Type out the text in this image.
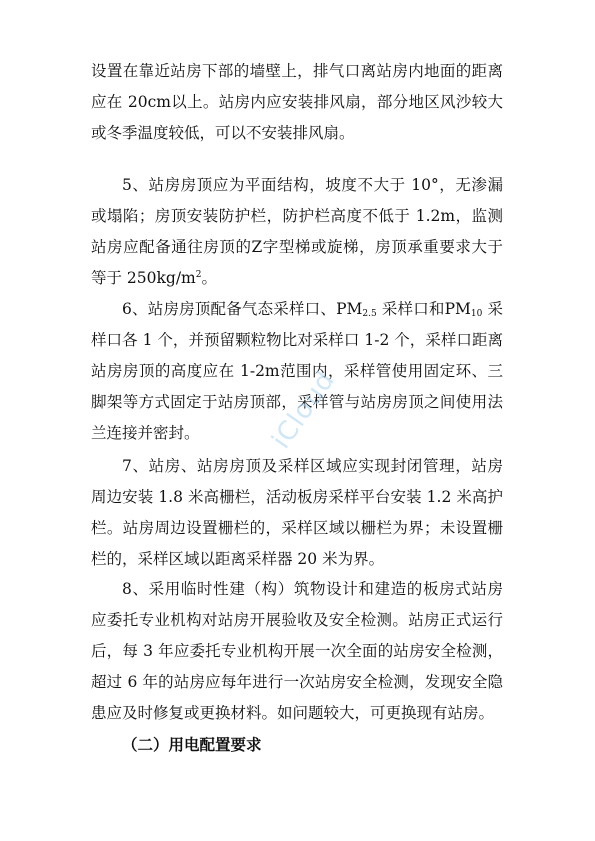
设置在靠近站房下部的墙壁上，排气口离站房内地面的距离应在 20cm以上。站房内应安装排风扇，部分地区风沙较大或冬季温度较低，可以不安装排风扇。

5、站房房顶应为平面结构，坡度不大于 10°，无渗漏或塌陷；房顶安装防护栏，防护栏高度不低于 1.2m，监测站房应配备通往房顶的Z字型梯或旋梯，房顶承重要求大于等于 $250kg/m^2$。

6、站房房顶配备气态采样口、$PM_{2.5}$ 采样口和$PM_{10}$ 采样口各 1 个，并预留颗粒物比对采样口 1-2 个，采样口距离站房房顶的高度应在 1-2m范围内，采样管使用固定环、三脚架等方式固定于站房顶部，采样管与站房房顶之间使用法兰连接并密封。

7、站房、站房房顶及采样区域应实现封闭管理，站房周边安装 1.8 米高栅栏，活动板房采样平台安装 1.2 米高护栏。站房周边设置栅栏的，采样区域以栅栏为界；未设置栅栏的，采样区域以距离采样器 20 米为界。

8、采用临时性建（构）筑物设计和建造的板房式站房应委托专业机构对站房开展验收及安全检测。站房正式运行后，每 3 年应委托专业机构开展一次全面的站房安全检测，超过 6 年的站房应每年进行一次站房安全检测，发现安全隐患应及时修复或更换材料。如问题较大，可更换现有站房。

（二）用电配置要求

iCloud
